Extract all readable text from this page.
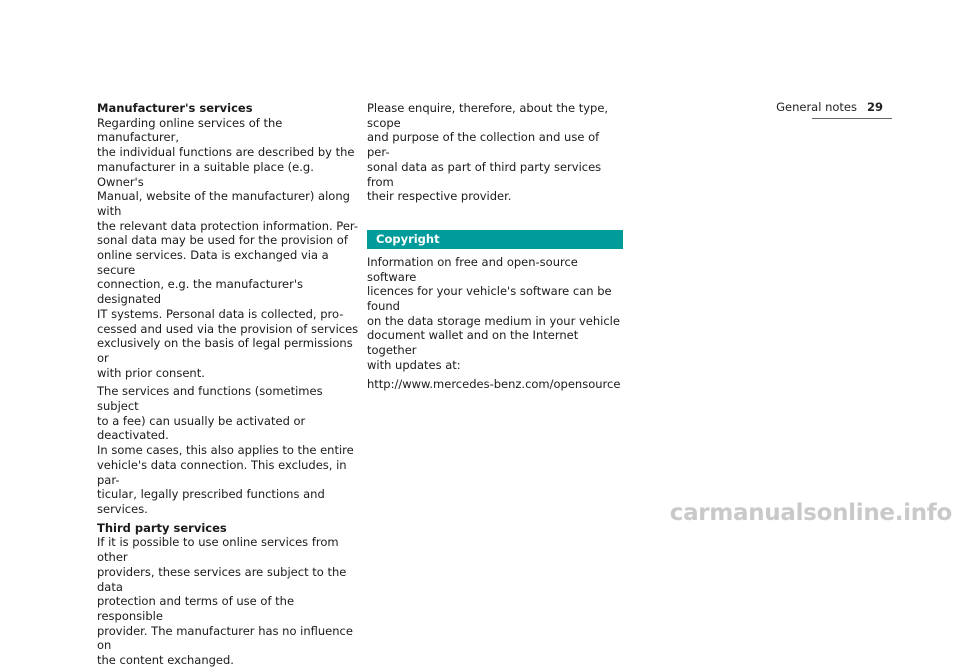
General notes 29
Manufacturer's services

Regarding online services of the manufacturer,
the individual functions are described by the
manufacturer in a suitable place (e.g. Owner's
Manual, website of the manufacturer) along with
the relevant data protection information. Per-
sonal data may be used for the provision of
online services. Data is exchanged via a secure
connection, e.g. the manufacturer's designated
IT systems. Personal data is collected, pro-
cessed and used via the provision of services
exclusively on the basis of legal permissions or
with prior consent.

The services and functions (sometimes subject
to a fee) can usually be activated or deactivated.
In some cases, this also applies to the entire
vehicle's data connection. This excludes, in par-
ticular, legally prescribed functions and services.

Third party services

If it is possible to use online services from other
providers, these services are subject to the data
protection and terms of use of the responsible
provider. The manufacturer has no influence on
the content exchanged.

Please enquire, therefore, about the type, scope
and purpose of the collection and use of per-
sonal data as part of third party services from
their respective provider.

Copyright

Information on free and open-source software
licences for your vehicle's software can be found
on the data storage medium in your vehicle
document wallet and on the Internet together
with updates at:

http://www.mercedes-benz.com/opensource

carmanualsonline.info
